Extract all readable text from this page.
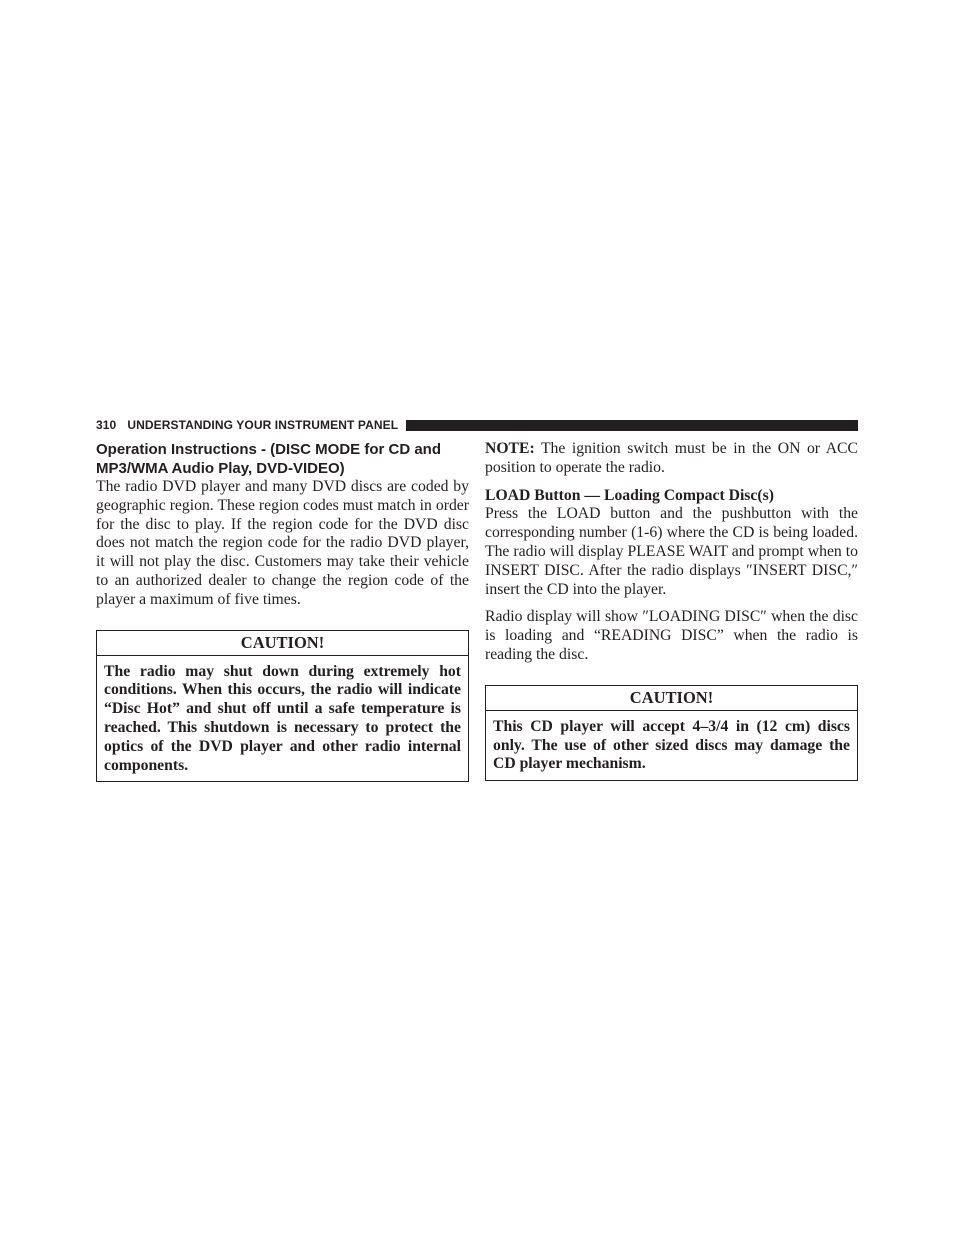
310 UNDERSTANDING YOUR INSTRUMENT PANEL
Operation Instructions - (DISC MODE for CD and MP3/WMA Audio Play, DVD-VIDEO)

The radio DVD player and many DVD discs are coded by geographic region. These region codes must match in order for the disc to play. If the region code for the DVD disc does not match the region code for the radio DVD player, it will not play the disc. Customers may take their vehicle to an authorized dealer to change the region code of the player a maximum of five times.

CAUTION!
The radio may shut down during extremely hot conditions. When this occurs, the radio will indicate “Disc Hot” and shut off until a safe temperature is reached. This shutdown is necessary to protect the optics of the DVD player and other radio internal components.

NOTE: The ignition switch must be in the ON or ACC position to operate the radio.

LOAD Button — Loading Compact Disc(s)

Press the LOAD button and the pushbutton with the corresponding number (1-6) where the CD is being loaded. The radio will display PLEASE WAIT and prompt when to INSERT DISC. After the radio displays ″INSERT DISC,″ insert the CD into the player.

Radio display will show ″LOADING DISC″ when the disc is loading and “READING DISC” when the radio is reading the disc.

CAUTION!
This CD player will accept 4–3/4 in (12 cm) discs only. The use of other sized discs may damage the CD player mechanism.
